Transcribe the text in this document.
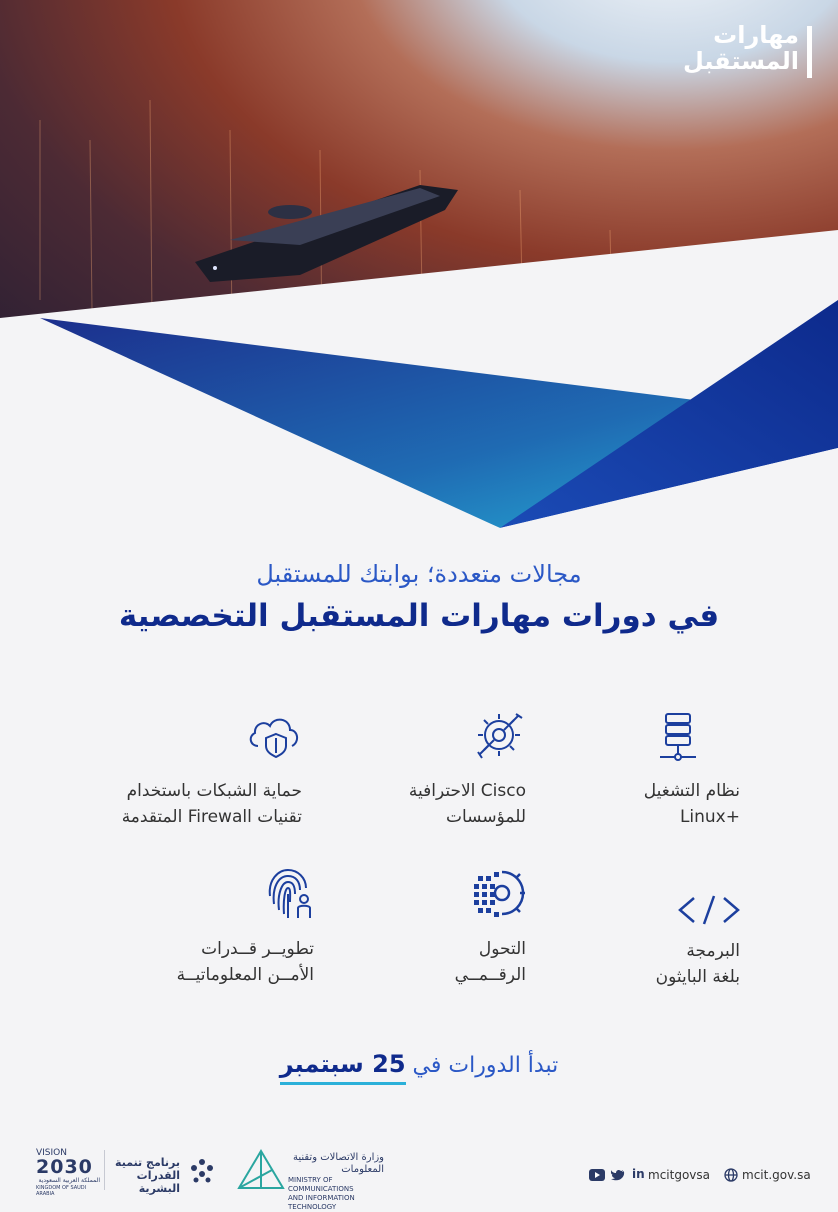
مهارات
المستقبل
مجالات متعددة؛ بوابتك للمستقبل
في دورات مهارات المستقبل التخصصية
نظام التشغيل
+Linux
Cisco الاحترافية
للمؤسسات
حماية الشبكات باستخدام
تقنيات Firewall المتقدمة
البرمجة
بلغة البايثون
التحول
الرقــمــي
تطويــر قــدرات
الأمــن المعلوماتيــة
تبدأ الدورات في 25 سبتمبر
mcit.gov.sa
in mcitgovsa
وزارة الاتصالات وتقنية المعلومات
MINISTRY OF COMMUNICATIONS
AND INFORMATION TECHNOLOGY
برنامج تنمية
القدرات البشرية
VISION
2030
المملكة العربية السعودية
KINGDOM OF SAUDI ARABIA
